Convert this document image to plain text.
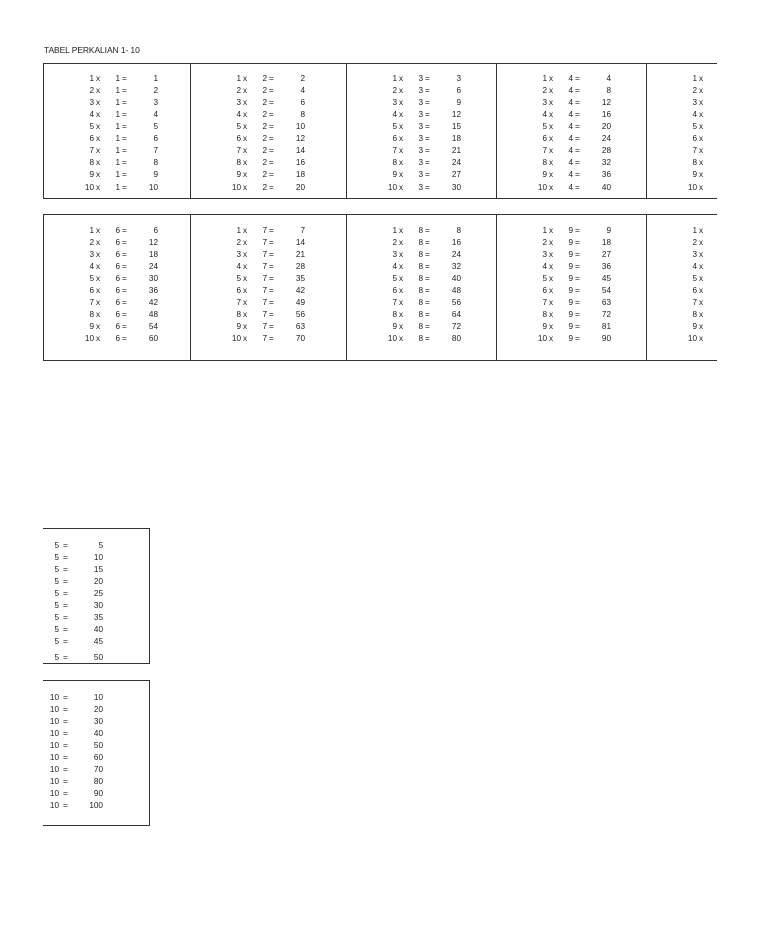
TABEL PERKALIAN 1- 10
1 x	1 =	1
2 x	1 =	2
3 x	1 =	3
4 x	1 =	4
5 x	1 =	5
6 x	1 =	6
7 x	1 =	7
8 x	1 =	8
9 x	1 =	9
10 x	1 =	10
1 x	2 =	2
2 x	2 =	4
3 x	2 =	6
4 x	2 =	8
5 x	2 =	10
6 x	2 =	12
7 x	2 =	14
8 x	2 =	16
9 x	2 =	18
10 x	2 =	20
1 x	3 =	3
2 x	3 =	6
3 x	3 =	9
4 x	3 =	12
5 x	3 =	15
6 x	3 =	18
7 x	3 =	21
8 x	3 =	24
9 x	3 =	27
10 x	3 =	30
1 x	4 =	4
2 x	4 =	8
3 x	4 =	12
4 x	4 =	16
5 x	4 =	20
6 x	4 =	24
7 x	4 =	28
8 x	4 =	32
9 x	4 =	36
10 x	4 =	40
1 x
2 x
3 x
4 x
5 x
6 x
7 x
8 x
9 x
10 x
1 x	6 =	6
2 x	6 =	12
3 x	6 =	18
4 x	6 =	24
5 x	6 =	30
6 x	6 =	36
7 x	6 =	42
8 x	6 =	48
9 x	6 =	54
10 x	6 =	60
1 x	7 =	7
2 x	7 =	14
3 x	7 =	21
4 x	7 =	28
5 x	7 =	35
6 x	7 =	42
7 x	7 =	49
8 x	7 =	56
9 x	7 =	63
10 x	7 =	70
1 x	8 =	8
2 x	8 =	16
3 x	8 =	24
4 x	8 =	32
5 x	8 =	40
6 x	8 =	48
7 x	8 =	56
8 x	8 =	64
9 x	8 =	72
10 x	8 =	80
1 x	9 =	9
2 x	9 =	18
3 x	9 =	27
4 x	9 =	36
5 x	9 =	45
6 x	9 =	54
7 x	9 =	63
8 x	9 =	72
9 x	9 =	81
10 x	9 =	90
1 x
2 x
3 x
4 x
5 x
6 x
7 x
8 x
9 x
10 x
5 =	5
5 =	10
5 =	15
5 =	20
5 =	25
5 =	30
5 =	35
5 =	40
5 =	45
5 =	50
10 =	10
10 =	20
10 =	30
10 =	40
10 =	50
10 =	60
10 =	70
10 =	80
10 =	90
10 =	100
